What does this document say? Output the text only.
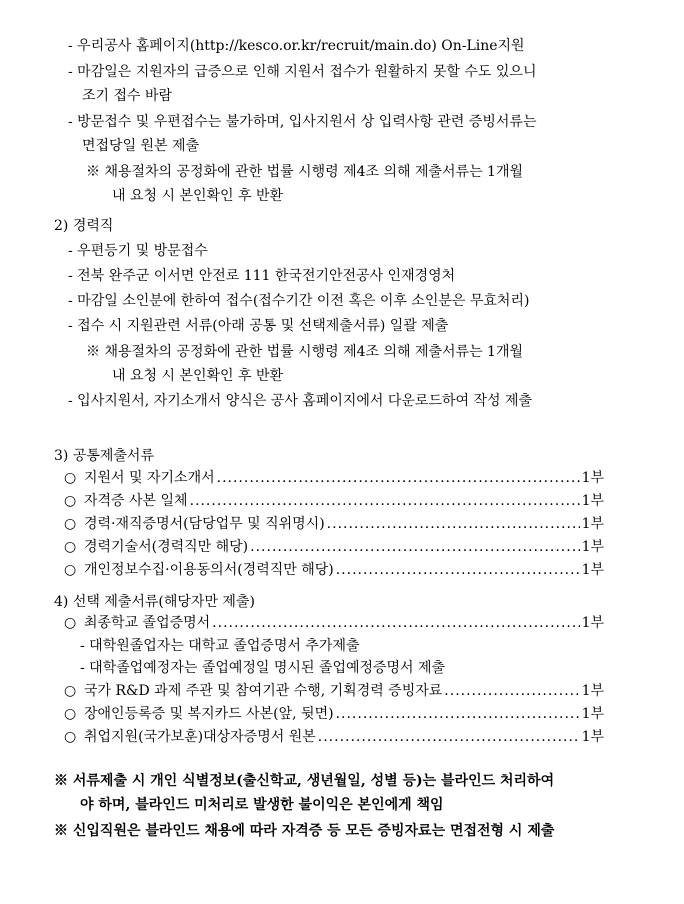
- 우리공사 홈페이지(http://kesco.or.kr/recruit/main.do) On-Line지원
- 마감일은 지원자의 급증으로 인해 지원서 접수가 원활하지 못할 수도 있으니
조기 접수 바람
- 방문접수 및 우편접수는 불가하며, 입사지원서 상 입력사항 관련 증빙서류는
면접당일 원본 제출
※ 채용절차의 공정화에 관한 법률 시행령 제4조 의해 제출서류는 1개월
내 요청 시 본인확인 후 반환
2) 경력직
- 우편등기 및 방문접수
- 전북 완주군 이서면 안전로 111 한국전기안전공사 인재경영처
- 마감일 소인분에 한하여 접수(접수기간 이전 혹은 이후 소인분은 무효처리)
- 접수 시 지원관련 서류(아래 공통 및 선택제출서류) 일괄 제출
※ 채용절차의 공정화에 관한 법률 시행령 제4조 의해 제출서류는 1개월
내 요청 시 본인확인 후 반환
- 입사지원서, 자기소개서 양식은 공사 홈페이지에서 다운로드하여 작성 제출
3) 공통제출서류
○ 지원서 및 자기소개서 .....	1부
○ 자격증 사본 일체 .....	1부
○ 경력·재직증명서(담당업무 및 직위명시) .....	1부
○ 경력기술서(경력직만 해당) .....	1부
○ 개인정보수집·이용동의서(경력직만 해당) .....	1부
4) 선택 제출서류(해당자만 제출)
○ 최종학교 졸업증명서 .....	1부
- 대학원졸업자는 대학교 졸업증명서 추가제출
- 대학졸업예정자는 졸업예정일 명시된 졸업예정증명서 제출
○ 국가 R&D 과제 주관 및 참여기관 수행, 기획경력 증빙자료 .....	1부
○ 장애인등록증 및 복지카드 사본(앞, 뒷면) .....	1부
○ 취업지원(국가보훈)대상자증명서 원본 .....	1부
※ 서류제출 시 개인 식별정보(출신학교, 생년월일, 성별 등)는 블라인드 처리하여
야 하며, 블라인드 미처리로 발생한 불이익은 본인에게 책임
※ 신입직원은 블라인드 채용에 따라 자격증 등 모든 증빙자료는 면접전형 시 제출
